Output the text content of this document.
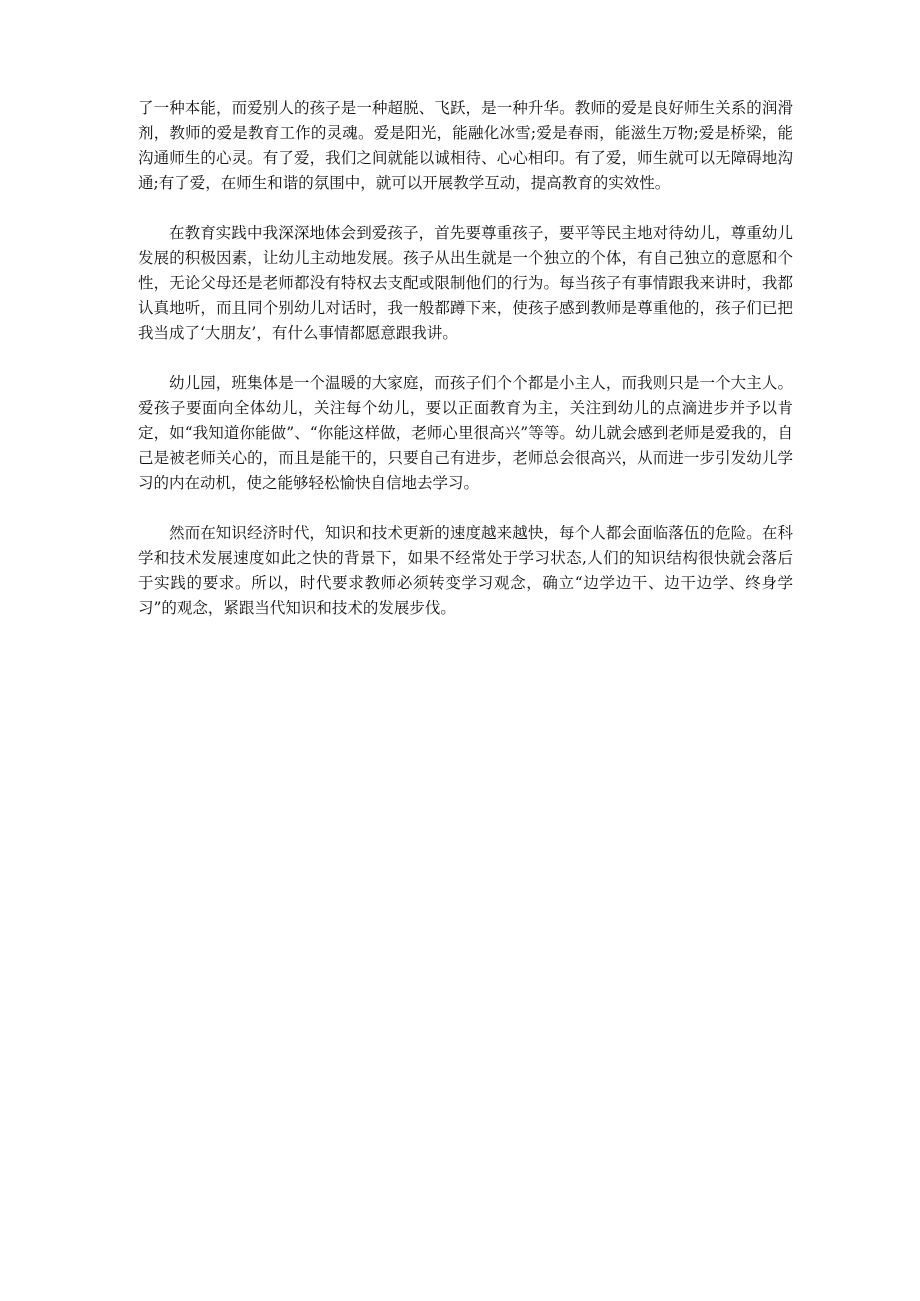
了一种本能，而爱别人的孩子是一种超脱、飞跃，是一种升华。教师的爱是良好师生关系的润滑剂，教师的爱是教育工作的灵魂。爱是阳光，能融化冰雪;爱是春雨，能滋生万物;爱是桥梁，能沟通师生的心灵。有了爱，我们之间就能以诚相待、心心相印。有了爱，师生就可以无障碍地沟通;有了爱，在师生和谐的氛围中，就可以开展教学互动，提高教育的实效性。

在教育实践中我深深地体会到爱孩子，首先要尊重孩子，要平等民主地对待幼儿，尊重幼儿发展的积极因素，让幼儿主动地发展。孩子从出生就是一个独立的个体，有自己独立的意愿和个性，无论父母还是老师都没有特权去支配或限制他们的行为。每当孩子有事情跟我来讲时，我都认真地听，而且同个别幼儿对话时，我一般都蹲下来，使孩子感到教师是尊重他的，孩子们已把我当成了‘大朋友’，有什么事情都愿意跟我讲。

幼儿园，班集体是一个温暖的大家庭，而孩子们个个都是小主人，而我则只是一个大主人。爱孩子要面向全体幼儿，关注每个幼儿，要以正面教育为主，关注到幼儿的点滴进步并予以肯定，如“我知道你能做”、“你能这样做，老师心里很高兴”等等。幼儿就会感到老师是爱我的，自己是被老师关心的，而且是能干的，只要自己有进步，老师总会很高兴，从而进一步引发幼儿学习的内在动机，使之能够轻松愉快自信地去学习。

然而在知识经济时代，知识和技术更新的速度越来越快，每个人都会面临落伍的危险。在科学和技术发展速度如此之快的背景下，如果不经常处于学习状态,人们的知识结构很快就会落后于实践的要求。所以，时代要求教师必须转变学习观念，确立“边学边干、边干边学、终身学习”的观念，紧跟当代知识和技术的发展步伐。
